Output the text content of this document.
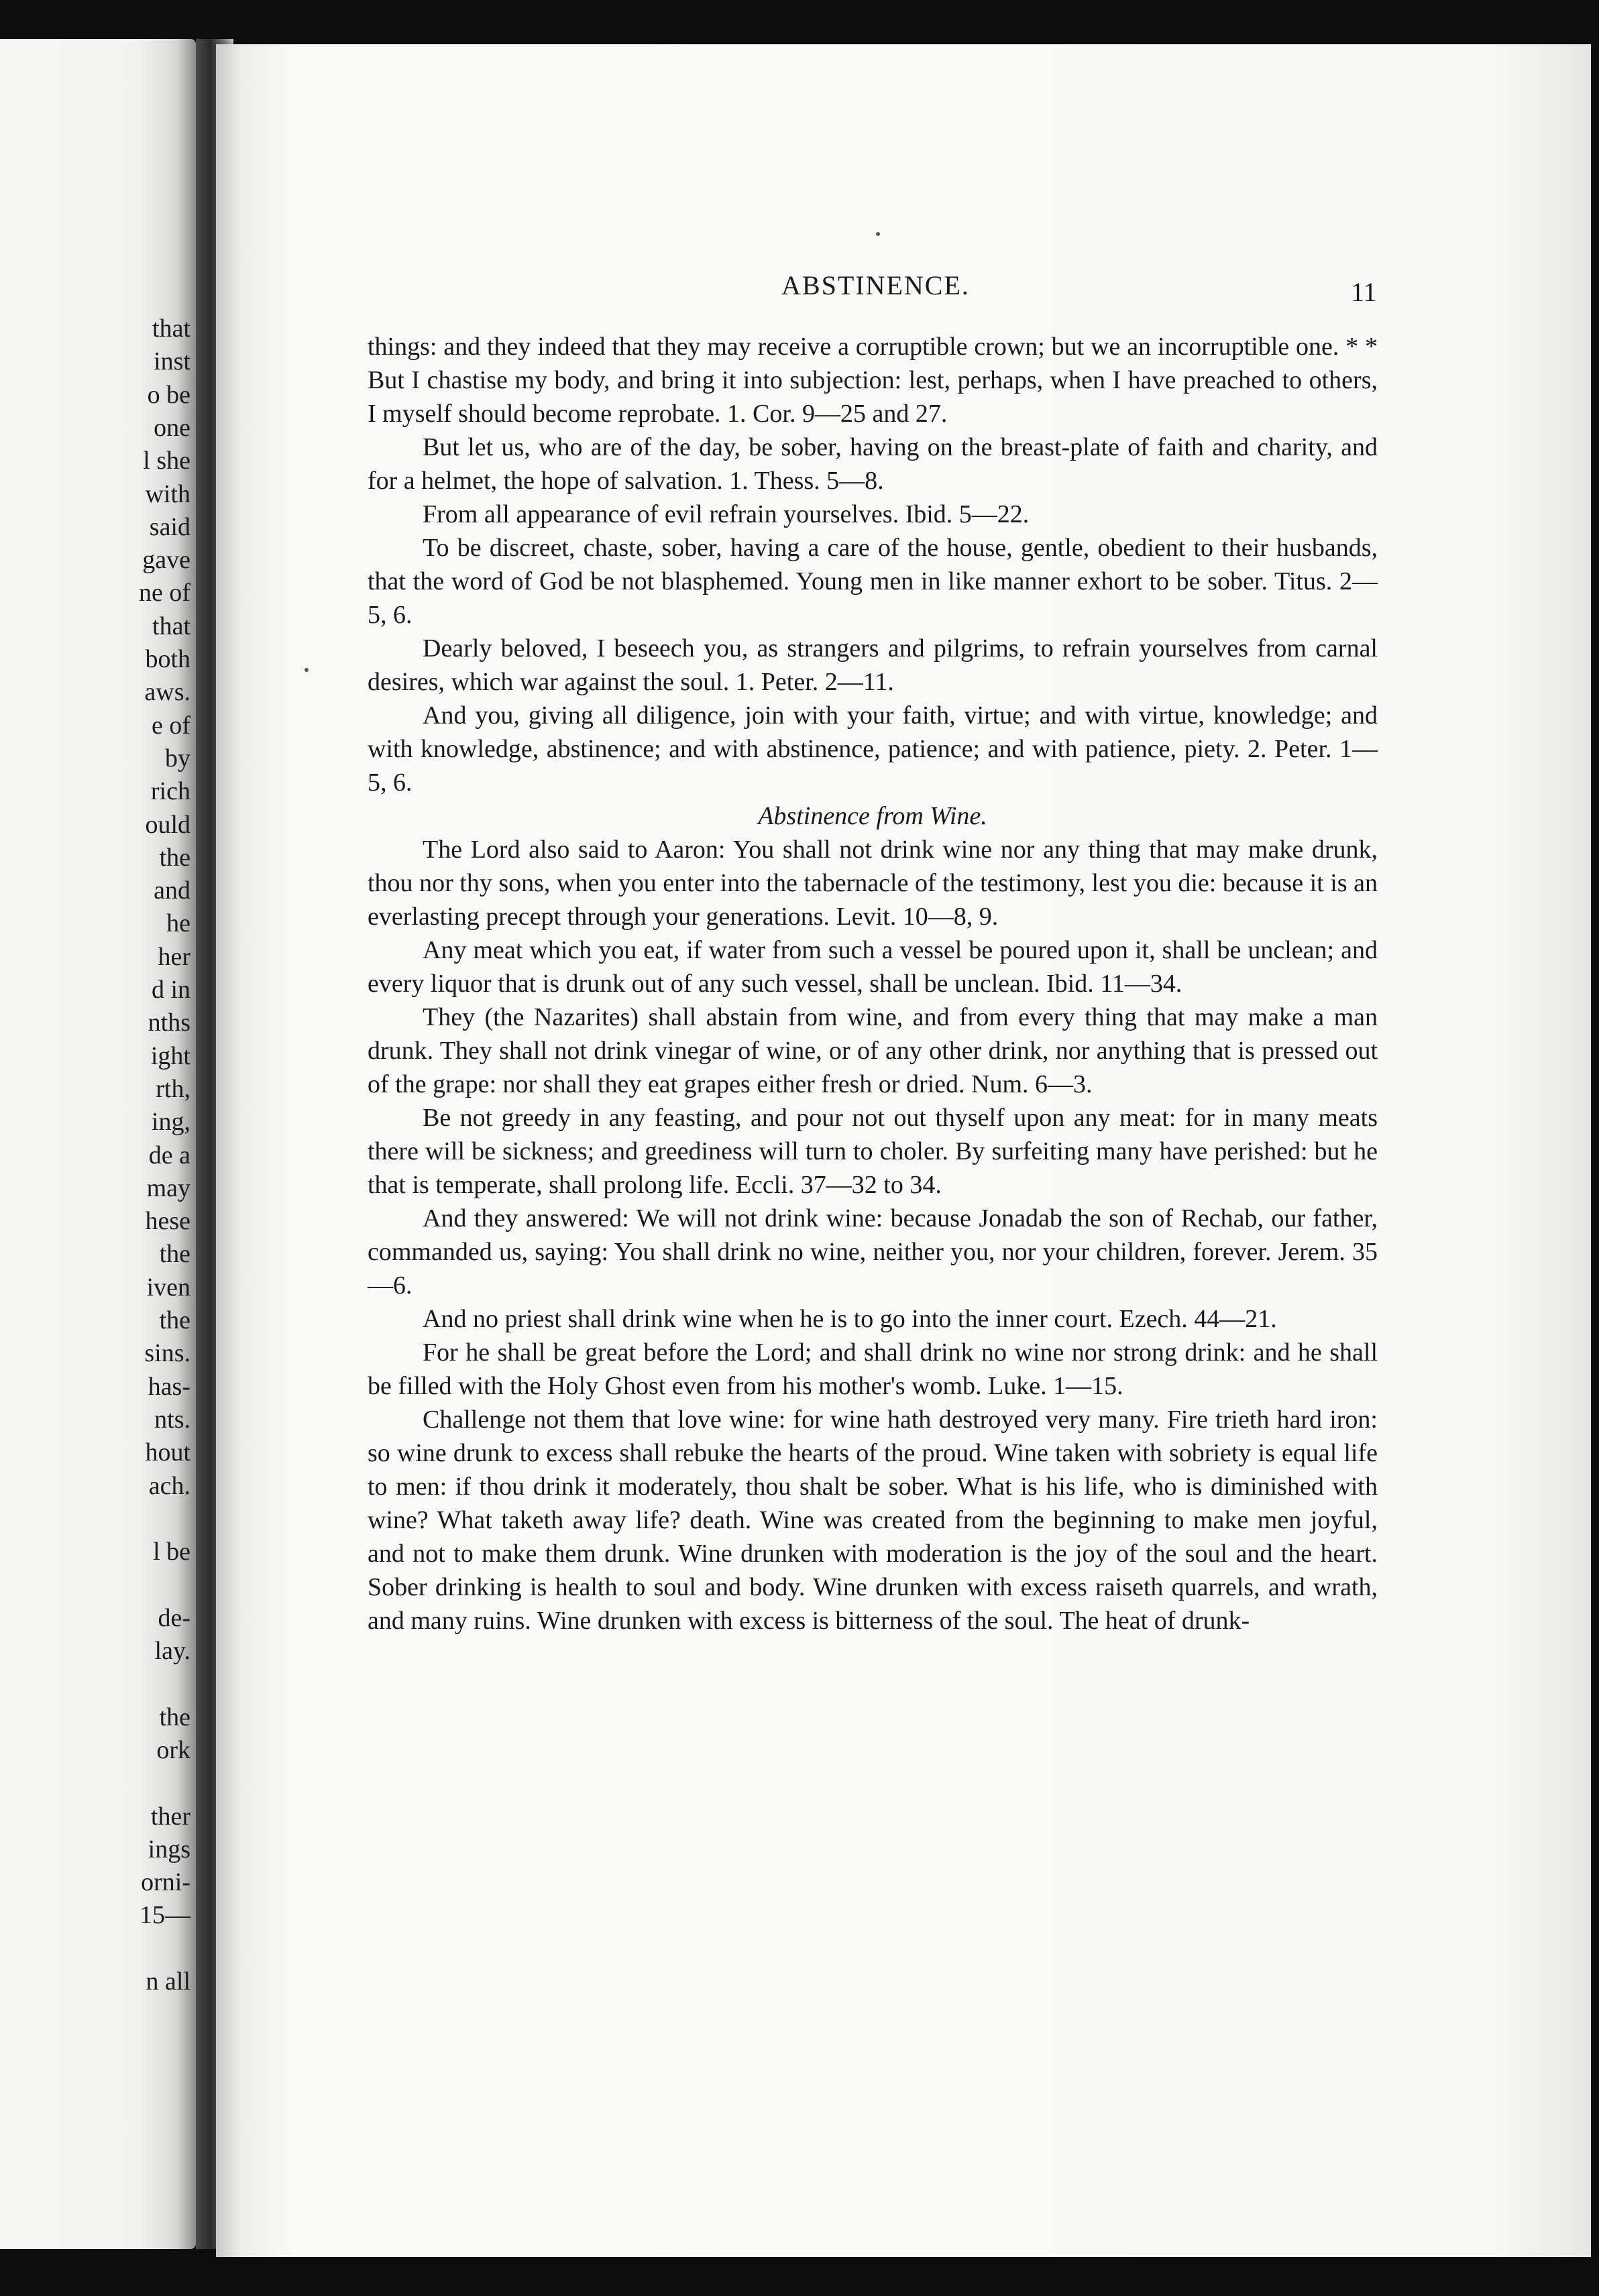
that
inst
o be
one
l she
with
said
gave
ne of
that
both
aws.
e of
by
rich
ould
the
and
he
her
d in
nths
ight
rth,
ing,
de a
may
hese
the
iven
the
sins.
has-
nts.
hout
ach.
l be
de-
lay.
the
ork
ther
ings
orni-
15—
n all
ABSTINENCE.	11

things: and they indeed that they may receive a corruptible crown; but we an incorruptible one. * * But I chastise my body, and bring it into subjection: lest, perhaps, when I have preached to others, I myself should become reprobate. 1. Cor. 9—25 and 27.

But let us, who are of the day, be sober, having on the breast-plate of faith and charity, and for a helmet, the hope of salvation. 1. Thess. 5—8.

From all appearance of evil refrain yourselves. Ibid. 5—22.

To be discreet, chaste, sober, having a care of the house, gentle, obedient to their husbands, that the word of God be not blasphemed. Young men in like manner exhort to be sober. Titus. 2—5, 6.

Dearly beloved, I beseech you, as strangers and pilgrims, to refrain yourselves from carnal desires, which war against the soul. 1. Peter. 2—11.

And you, giving all diligence, join with your faith, virtue; and with virtue, knowledge; and with knowledge, abstinence; and with abstinence, patience; and with patience, piety. 2. Peter. 1—5, 6.

Abstinence from Wine.

The Lord also said to Aaron: You shall not drink wine nor any thing that may make drunk, thou nor thy sons, when you enter into the tabernacle of the testimony, lest you die: because it is an everlasting precept through your generations. Levit. 10—8, 9.

Any meat which you eat, if water from such a vessel be poured upon it, shall be unclean; and every liquor that is drunk out of any such vessel, shall be unclean. Ibid. 11—34.

They (the Nazarites) shall abstain from wine, and from every thing that may make a man drunk. They shall not drink vinegar of wine, or of any other drink, nor anything that is pressed out of the grape: nor shall they eat grapes either fresh or dried. Num. 6—3.

Be not greedy in any feasting, and pour not out thyself upon any meat: for in many meats there will be sickness; and greediness will turn to choler. By surfeiting many have perished: but he that is temperate, shall prolong life. Eccli. 37—32 to 34.

And they answered: We will not drink wine: because Jonadab the son of Rechab, our father, commanded us, saying: You shall drink no wine, neither you, nor your children, forever. Jerem. 35—6.

And no priest shall drink wine when he is to go into the inner court. Ezech. 44—21.

For he shall be great before the Lord; and shall drink no wine nor strong drink: and he shall be filled with the Holy Ghost even from his mother's womb. Luke. 1—15.

Challenge not them that love wine: for wine hath destroyed very many. Fire trieth hard iron: so wine drunk to excess shall rebuke the hearts of the proud. Wine taken with sobriety is equal life to men: if thou drink it moderately, thou shalt be sober. What is his life, who is diminished with wine? What taketh away life? death. Wine was created from the beginning to make men joyful, and not to make them drunk. Wine drunken with moderation is the joy of the soul and the heart. Sober drinking is health to soul and body. Wine drunken with excess raiseth quarrels, and wrath, and many ruins. Wine drunken with excess is bitterness of the soul. The heat of drunk-
